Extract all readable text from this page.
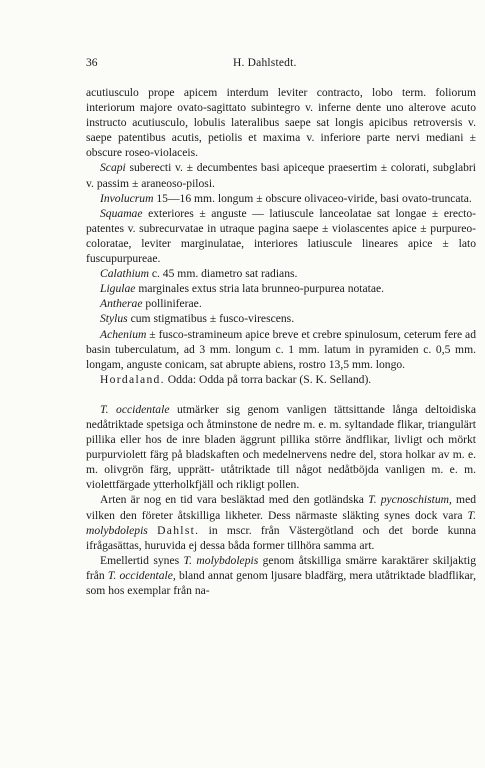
36	H. Dahlstedt.

acutiusculo prope apicem interdum leviter contracto, lobo term. foliorum interiorum majore ovato-sagittato subintegro v. inferne dente uno alterove acuto instructo acutiusculo, lobulis lateralibus saepe sat longis apicibus retroversis v. saepe patentibus acutis, petiolis et maxima v. inferiore parte nervi mediani ± obscure roseo-violaceis.

Scapi suberecti v. ± decumbentes basi apiceque praesertim ± colorati, subglabri v. passim ± araneoso-pilosi.

Involucrum 15—16 mm. longum ± obscure olivaceo-viride, basi ovato-truncata.

Squamae exteriores ± anguste — latiuscule lanceolatae sat longae ± erecto-patentes v. subrecurvatae in utraque pagina saepe ± violascentes apice ± purpureo-coloratae, leviter marginulatae, interiores latiuscule lineares apice ± lato fuscupurpureae.

Calathium c. 45 mm. diametro sat radians.

Ligulae marginales extus stria lata brunneo-purpurea notatae.

Antherae polliniferae.

Stylus cum stigmatibus ± fusco-virescens.

Achenium ± fusco-stramineum apice breve et crebre spinulosum, ceterum fere ad basin tuberculatum, ad 3 mm. longum c. 1 mm. latum in pyramiden c. 0,5 mm. longam, anguste conicam, sat abrupte abiens, rostro 13,5 mm. longo.

Hordaland. Odda: Odda på torra backar (S. K. Selland).

T. occidentale utmärker sig genom vanligen tättsittande långa deltoidiska nedåtriktade spetsiga och åtminstone de nedre m. e. m. syltandade flikar, triangulärt pillika eller hos de inre bladen äggrunt pillika större ändflikar, livligt och mörkt purpurviolett färg på bladskaften och medelnervens nedre del, stora holkar av m. e. m. olivgrön färg, upprätt- utåtriktade till något nedåtböjda vanligen m. e. m. violettfärgade ytterholkfjäll och rikligt pollen.

Arten är nog en tid vara besläktad med den gotländska T. pycnoschistum, med vilken den företer åtskilliga likheter. Dess närmaste släkting synes dock vara T. molybdolepis Dahlst. in mscr. från Västergötland och det borde kunna ifrågasättas, huruvida ej dessa båda former tillhöra samma art.

Emellertid synes T. molybdolepis genom åtskilliga smärre karaktärer skiljaktig från T. occidentale, bland annat genom ljusare bladfärg, mera utåtriktade bladflikar, som hos exemplar från na-
